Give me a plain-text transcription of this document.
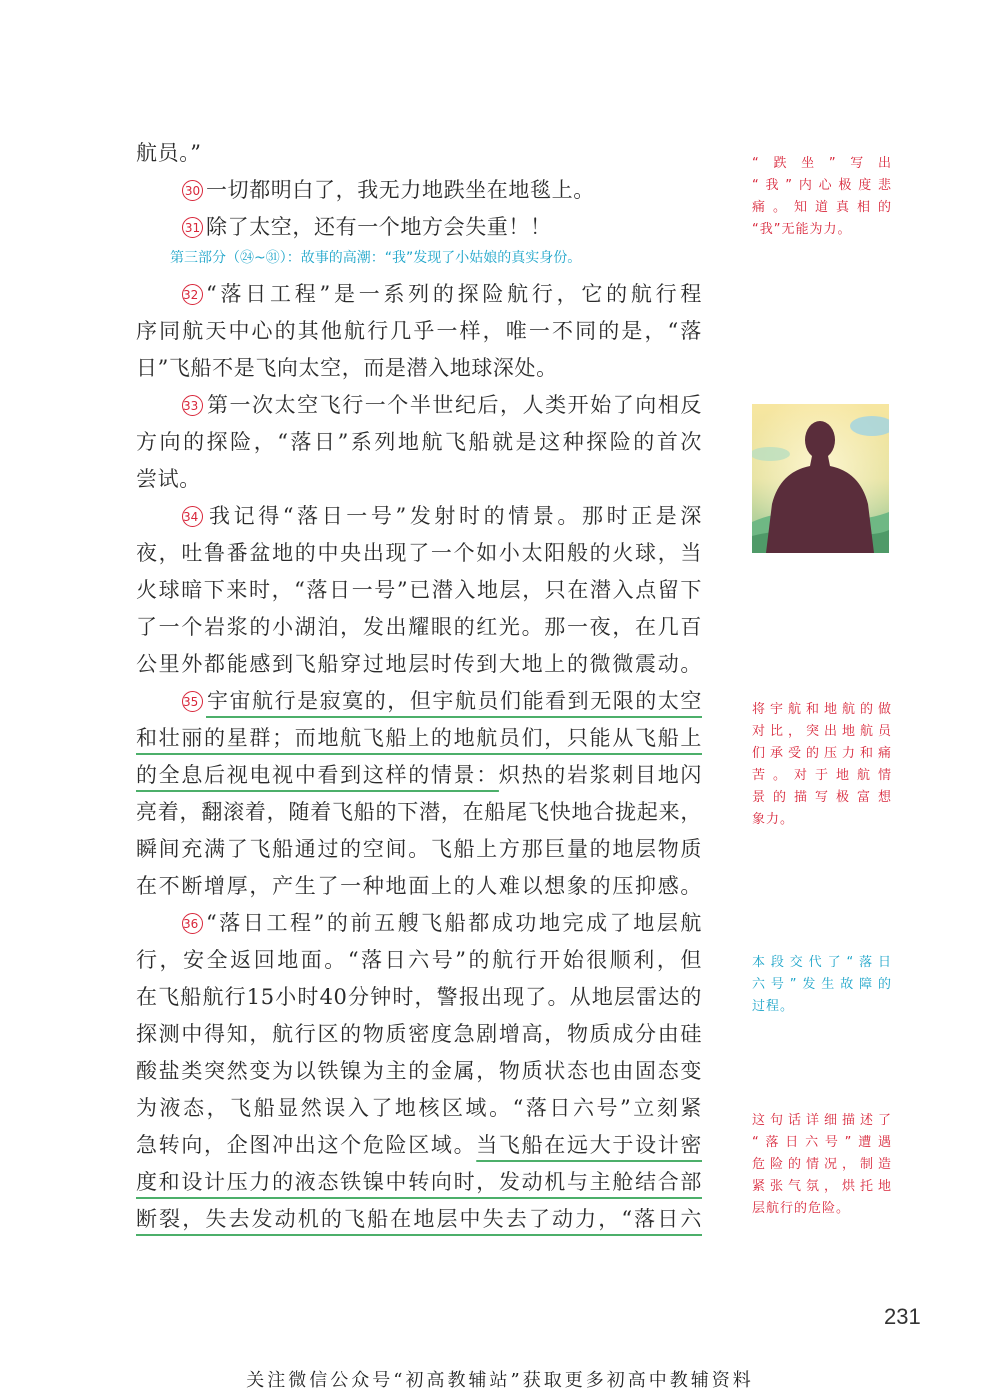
航员。”
30 一切都明白了，我无力地跌坐在地毯上。
31 除了太空，还有一个地方会失重！！
第三部分（㉔~㉛）：故事的高潮：“我”发现了小姑娘的真实身份。
32 “落日工程”是一系列的探险航行，它的航行程
序同航天中心的其他航行几乎一样，唯一不同的是，“落
日”飞船不是飞向太空，而是潜入地球深处。
33 第一次太空飞行一个半世纪后，人类开始了向相反
方向的探险，“落日”系列地航飞船就是这种探险的首次
尝试。
34 我记得“落日一号”发射时的情景。那时正是深
夜，吐鲁番盆地的中央出现了一个如小太阳般的火球，当
火球暗下来时，“落日一号”已潜入地层，只在潜入点留下
了一个岩浆的小湖泊，发出耀眼的红光。那一夜，在几百
公里外都能感到飞船穿过地层时传到大地上的微微震动。
35 宇宙航行是寂寞的，但宇航员们能看到无限的太空
和壮丽的星群；而地航飞船上的地航员们，只能从飞船上
的全息后视电视中看到这样的情景：炽热的岩浆刺目地闪
亮着，翻滚着，随着飞船的下潜，在船尾飞快地合拢起来，
瞬间充满了飞船通过的空间。飞船上方那巨量的地层物质
在不断增厚，产生了一种地面上的人难以想象的压抑感。
36 “落日工程”的前五艘飞船都成功地完成了地层航
行，安全返回地面。“落日六号”的航行开始很顺利，但
在飞船航行15小时40分钟时，警报出现了。从地层雷达的
探测中得知，航行区的物质密度急剧增高，物质成分由硅
酸盐类突然变为以铁镍为主的金属，物质状态也由固态变
为液态，飞船显然误入了地核区域。“落日六号”立刻紧
急转向，企图冲出这个危险区域。当飞船在远大于设计密
度和设计压力的液态铁镍中转向时，发动机与主舱结合部
断裂，失去发动机的飞船在地层中失去了动力，“落日六
“跌坐”写出
“我”内心极度悲
痛。知道真相的
“我”无能为力。
将宇航和地航的做
对比，突出地航员
们承受的压力和痛
苦。对于地航情
景的描写极富想
象力。
本段交代了“落日
六号”发生故障的
过程。
这句话详细描述了
“落日六号”遭遇
危险的情况，制造
紧张气氛，烘托地
层航行的危险。
231
关注微信公众号“初高教辅站”获取更多初高中教辅资料
